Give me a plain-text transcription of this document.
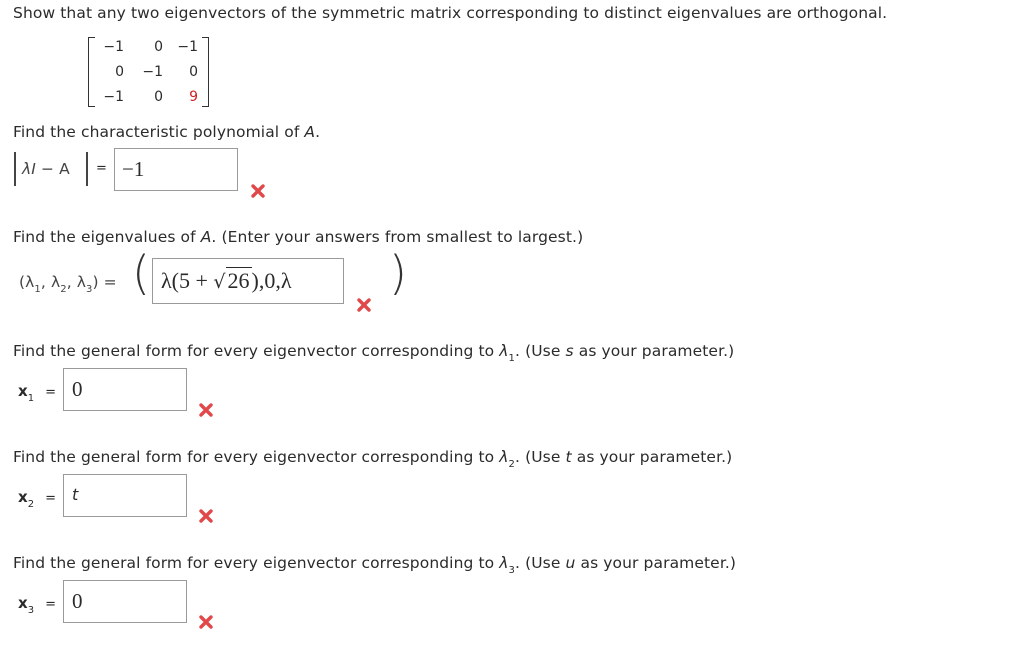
Show that any two eigenvectors of the symmetric matrix corresponding to distinct eigenvalues are orthogonal.
−1	0	−1
0	−1	0
−1	0	9
Find the characteristic polynomial of A.
λI − A = −1
Find the eigenvalues of A. (Enter your answers from smallest to largest.)
($\lambda_1$, $\lambda_2$, $\lambda_3$) = ( λ(5 + √26),0,λ )
Find the general form for every eigenvector corresponding to $\lambda_1$. (Use s as your parameter.)
$x_1 = 0$
Find the general form for every eigenvector corresponding to $\lambda_2$. (Use t as your parameter.)
$x_2 = t$
Find the general form for every eigenvector corresponding to $\lambda_3$. (Use u as your parameter.)
$x_3 = 0$
